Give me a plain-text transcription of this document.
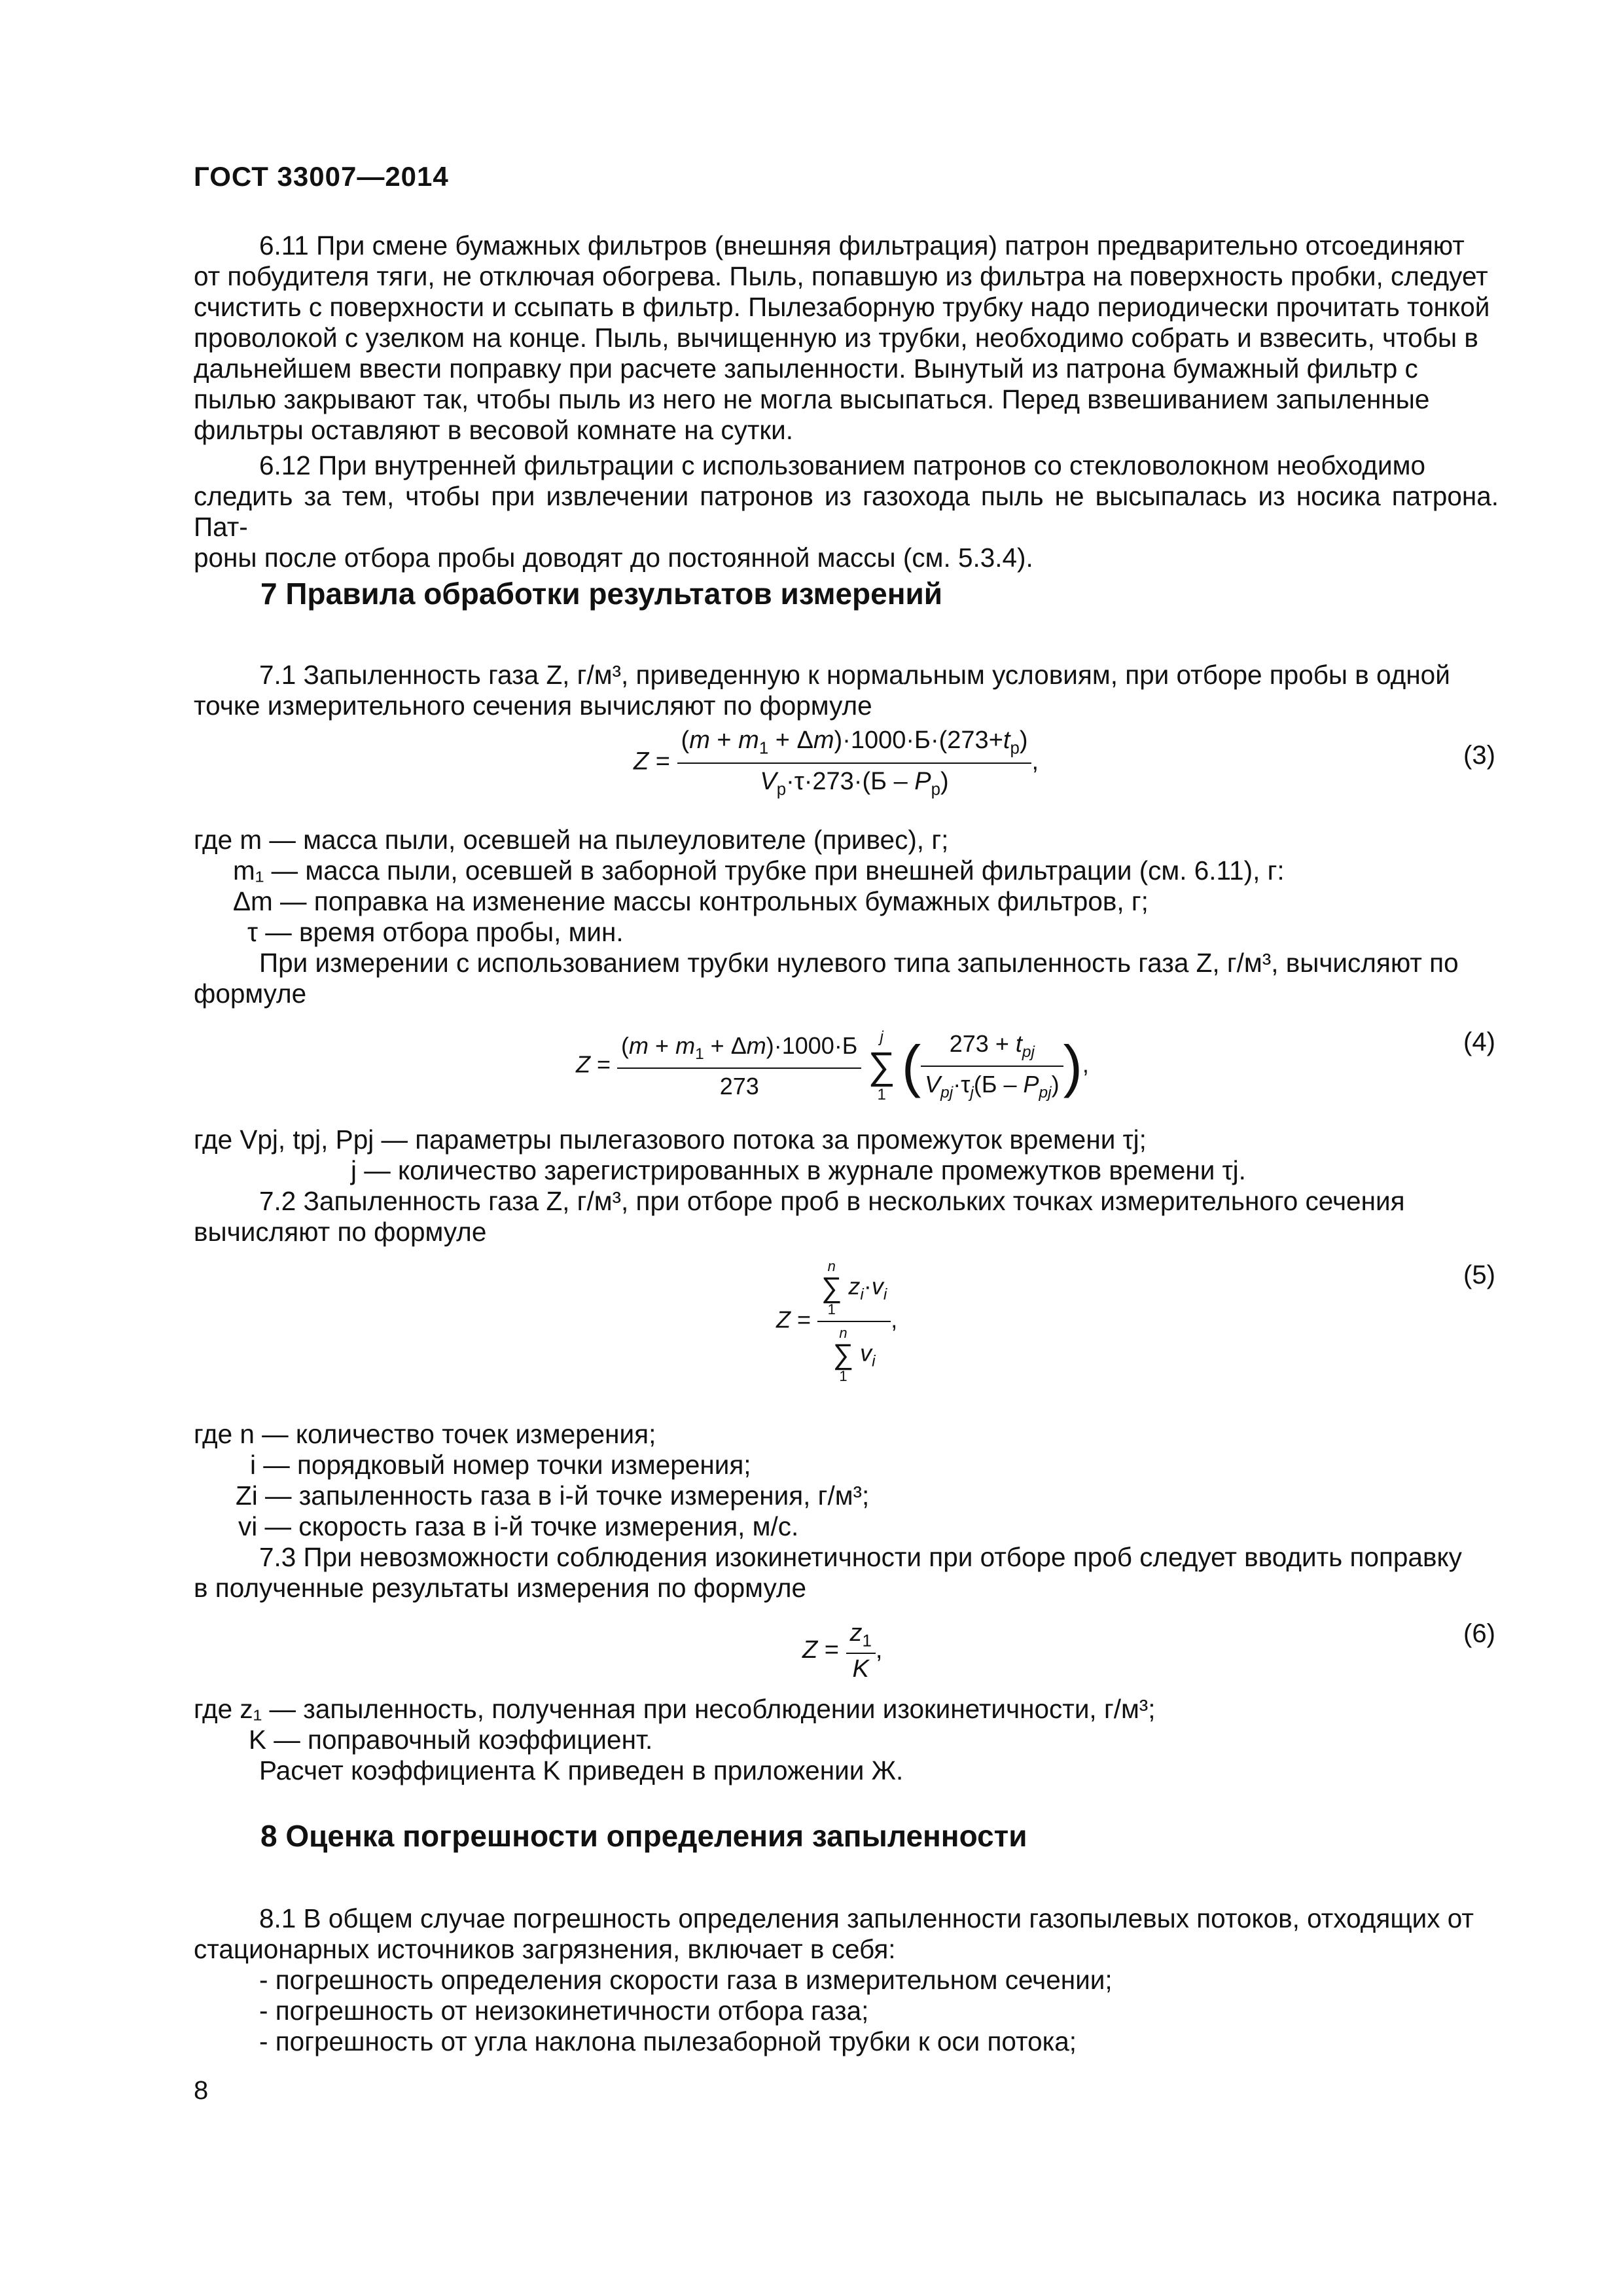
ГОСТ 33007—2014

6.11 При смене бумажных фильтров (внешняя фильтрация) патрон предварительно отсоединяют

от побудителя тяги, не отключая обогрева. Пыль, попавшую из фильтра на поверхность пробки, следует

счистить с поверхности и ссыпать в фильтр. Пылезаборную трубку надо периодически прочитать тонкой

проволокой с узелком на конце. Пыль, вычищенную из трубки, необходимо собрать и взвесить, чтобы в

дальнейшем ввести поправку при расчете запыленности. Вынутый из патрона бумажный фильтр с

пылью закрывают так, чтобы пыль из него не могла высыпаться. Перед взвешиванием запыленные

фильтры оставляют в весовой комнате на сутки.

6.12 При внутренней фильтрации с использованием патронов со стекловолокном необходимо

следить за тем, чтобы при извлечении патронов из газохода пыль не высыпалась из носика патрона. Пат-

роны после отбора пробы доводят до постоянной массы (см. 5.3.4).

7 Правила обработки результатов измерений

7.1 Запыленность газа Z, г/м³, приведенную к нормальным условиям, при отборе пробы в одной

точке измерительного сечения вычисляют по формуле

$Z = \frac{(m + m_1 + \Delta m)\cdot 1000\cdot Б\cdot(273+t_р)}{V_р\cdot\tau\cdot 273\cdot(Б - P_р)}$ ,	(3)

где m — масса пыли, осевшей на пылеуловителе (привес), г;

m₁ — масса пыли, осевшей в заборной трубке при внешней фильтрации (см. 6.11), г:

Δm — поправка на изменение массы контрольных бумажных фильтров, г;

τ — время отбора пробы, мин.

При измерении с использованием трубки нулевого типа запыленность газа Z, г/м³, вычисляют по

формуле

$Z = \frac{(m + m_1 + \Delta m)\cdot 1000\cdot Б}{273}$
	j
∑
1 ( $\frac{273 + t_{pj}}{V_{pj}\cdot\tau_j(Б - P_{pj})}$ ),
(4)

где Vpj, tpj, Ppj — параметры пылегазового потока за промежуток времени τj;

j — количество зарегистрированных в журнале промежутков времени τj.

7.2 Запыленность газа Z, г/м³, при отборе проб в нескольких точках измерительного сечения

вычисляют по формуле

Z = n
∑
1
$z_i\cdot v_i$
n
∑
1
$v_i$ ,
(5)

где n — количество точек измерения;

i — порядковый номер точки измерения;

Zi — запыленность газа в i-й точке измерения, г/м³;

vi — скорость газа в i-й точке измерения, м/с.

7.3 При невозможности соблюдения изокинетичности при отборе проб следует вводить поправку

в полученные результаты измерения по формуле

$Z = \frac{z_1}{K}$ ,
(6)

где z₁ — запыленность, полученная при несоблюдении изокинетичности, г/м³;

K — поправочный коэффициент.

Расчет коэффициента K приведен в приложении Ж.

8 Оценка погрешности определения запыленности

8.1 В общем случае погрешность определения запыленности газопылевых потоков, отходящих от

стационарных источников загрязнения, включает в себя:

- погрешность определения скорости газа в измерительном сечении;

- погрешность от неизокинетичности отбора газа;

- погрешность от угла наклона пылезаборной трубки к оси потока;

8
